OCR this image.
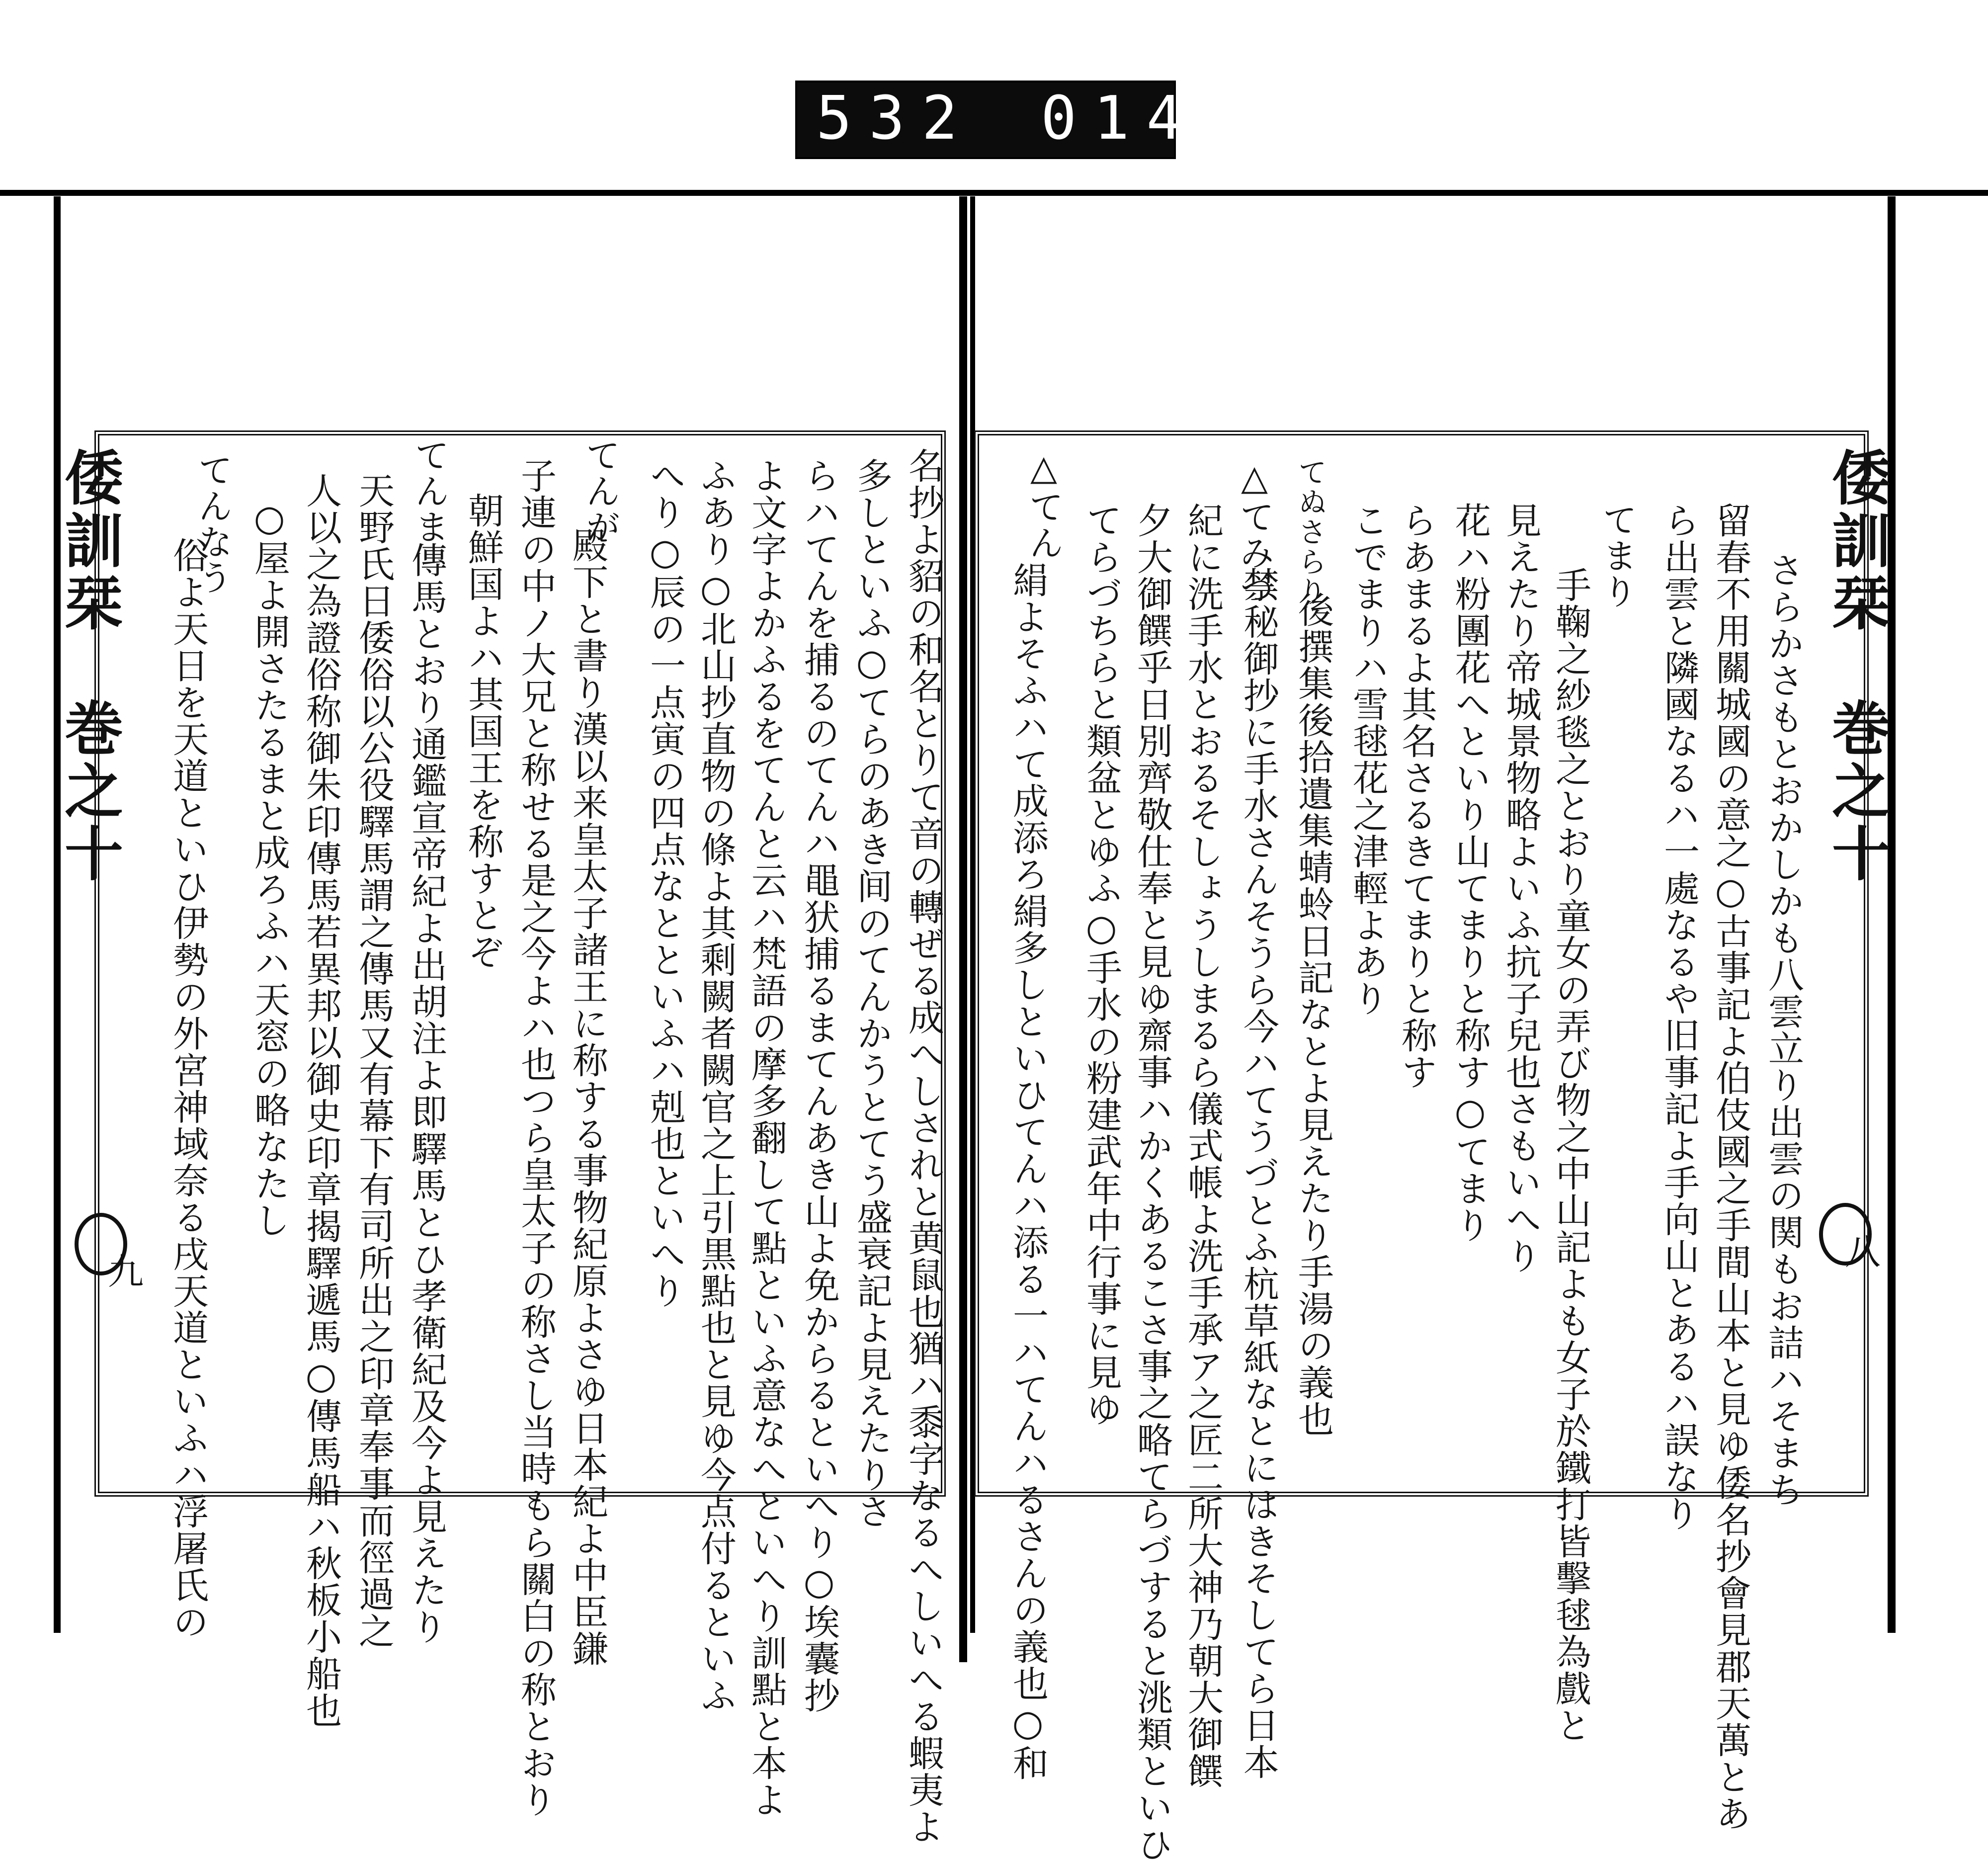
532 014
倭訓栞　巻之十	倭訓栞　巻之十
九
八
さらかさもとおかしかも八雲立り出雲の関もお詰ハそまち
留春不用關城國の意之○古事記よ伯伎國之手間山本と見ゆ倭名抄會見郡天萬とあ
ら出雲と隣國なるハ一處なるや旧事記よ手向山とあるハ誤なり
てまり
手鞠之紗毯之とおり童女の弄び物之中山記よも女子於鐵打皆擊毬為戲と
見えたり帝城景物略よいふ抗子兒也さもいへり
花ハ粉團花へといり山てまりと称す○てまり
らあまるよ其名さるきてまりと称す
こでまりハ雪毬花之津輕よあり
てぬさらり
後撰集後拾遺集蜻蛉日記なとよ見えたり手湯の義也
△てみづ
禁秘御抄に手水さんそうら今ハてうづとふ杭草紙なとにはきそしてら日本
紀に洗手水とおるそしょうしまるら儀式帳よ洗手承ア之匠二所大神乃朝大御饌
夕大御饌乎日別齊敬仕奉と見ゆ齋事ハかくあるこさ事之略てらづすると洮類といひ
てらづちらと類盆とゆふ○手水の粉建武年中行事に見ゆ
△てん
絹よそふハて成添ろ絹多しといひてんハ添る一ハてんハるさんの義也○和
名抄よ貂の和名とりて音の轉ぜる成へしされと黄鼠也猶ハ黍字なるへしいへる蝦夷よ
多しといふ○てらのあき间のてんかうとてう盛衰記よ見えたりさ
らハてんを捕るのてんハ黽犾捕るまてんあき山よ免からるといへり○埃囊抄
よ文字よかふるをてんと云ハ梵語の摩多翻して點といふ意なへといへり訓點と本よ
ふあり○北山抄直物の條よ其剩闕者闕官之上引黒點也と見ゆ今点付るといふ
へり○辰の一点寅の四点なとといふハ剋也といへり
てんが
殿下と書り漢以来皇太子諸王に称する事物紀原よさゆ日本紀よ中臣鎌
子連の中ノ大兄と称せる是之今よハ也つら皇太子の称さし当時もら關白の称とおり
朝鮮国よハ其国王を称すとぞ
てんま
傳馬とおり通鑑宣帝紀よ出胡注よ即驛馬とひ孝衛紀及今よ見えたり
天野氏日倭俗以公役驛馬謂之傳馬又有幕下有司所出之印章奉事而徑過之
人以之為證俗称御朱印傳馬若異邦以御史印章揭驛遞馬○傳馬船ハ秋板小船也
○屋よ開さたるまと成ろふハ天窓の略なたし
てんなう
俗よ天日を天道といひ伊勢の外宮神域奈る戌天道といふハ浮屠氏の
